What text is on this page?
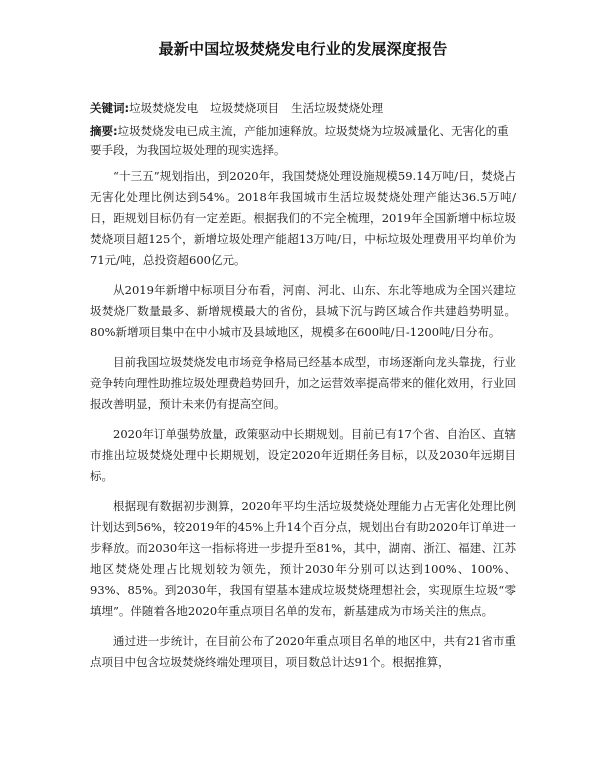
最新中国垃圾焚烧发电行业的发展深度报告

关键词:垃圾焚烧发电 垃圾焚烧项目 生活垃圾焚烧处理

摘要:垃圾焚烧发电已成主流，产能加速释放。垃圾焚烧为垃圾减量化、无害化的重要手段，为我国垃圾处理的现实选择。

“十三五”规划指出，到2020年，我国焚烧处理设施规模59.14万吨/日，焚烧占无害化处理比例达到54%。2018年我国城市生活垃圾焚烧处理产能达36.5万吨/日，距规划目标仍有一定差距。根据我们的不完全梳理，2019年全国新增中标垃圾焚烧项目超125个，新增垃圾处理产能超13万吨/日，中标垃圾处理费用平均单价为71元/吨，总投资超600亿元。

从2019年新增中标项目分布看，河南、河北、山东、东北等地成为全国兴建垃圾焚烧厂数量最多、新增规模最大的省份，县城下沉与跨区域合作共建趋势明显。80%新增项目集中在中小城市及县域地区，规模多在600吨/日-1200吨/日分布。

目前我国垃圾焚烧发电市场竞争格局已经基本成型，市场逐渐向龙头靠拢，行业竞争转向理性助推垃圾处理费趋势回升，加之运营效率提高带来的催化效用，行业回报改善明显，预计未来仍有提高空间。

2020年订单强势放量，政策驱动中长期规划。目前已有17个省、自治区、直辖市推出垃圾焚烧处理中长期规划，设定2020年近期任务目标，以及2030年远期目标。

根据现有数据初步测算，2020年平均生活垃圾焚烧处理能力占无害化处理比例计划达到56%，较2019年的45%上升14个百分点，规划出台有助2020年订单进一步释放。而2030年这一指标将进一步提升至81%，其中，湖南、浙江、福建、江苏地区焚烧处理占比规划较为领先，预计2030年分别可以达到100%、100%、93%、85%。到2030年，我国有望基本建成垃圾焚烧理想社会，实现原生垃圾“零填埋”。伴随着各地2020年重点项目名单的发布，新基建成为市场关注的焦点。

通过进一步统计，在目前公布了2020年重点项目名单的地区中，共有21省市重点项目中包含垃圾焚烧终端处理项目，项目数总计达91个。根据推算，
